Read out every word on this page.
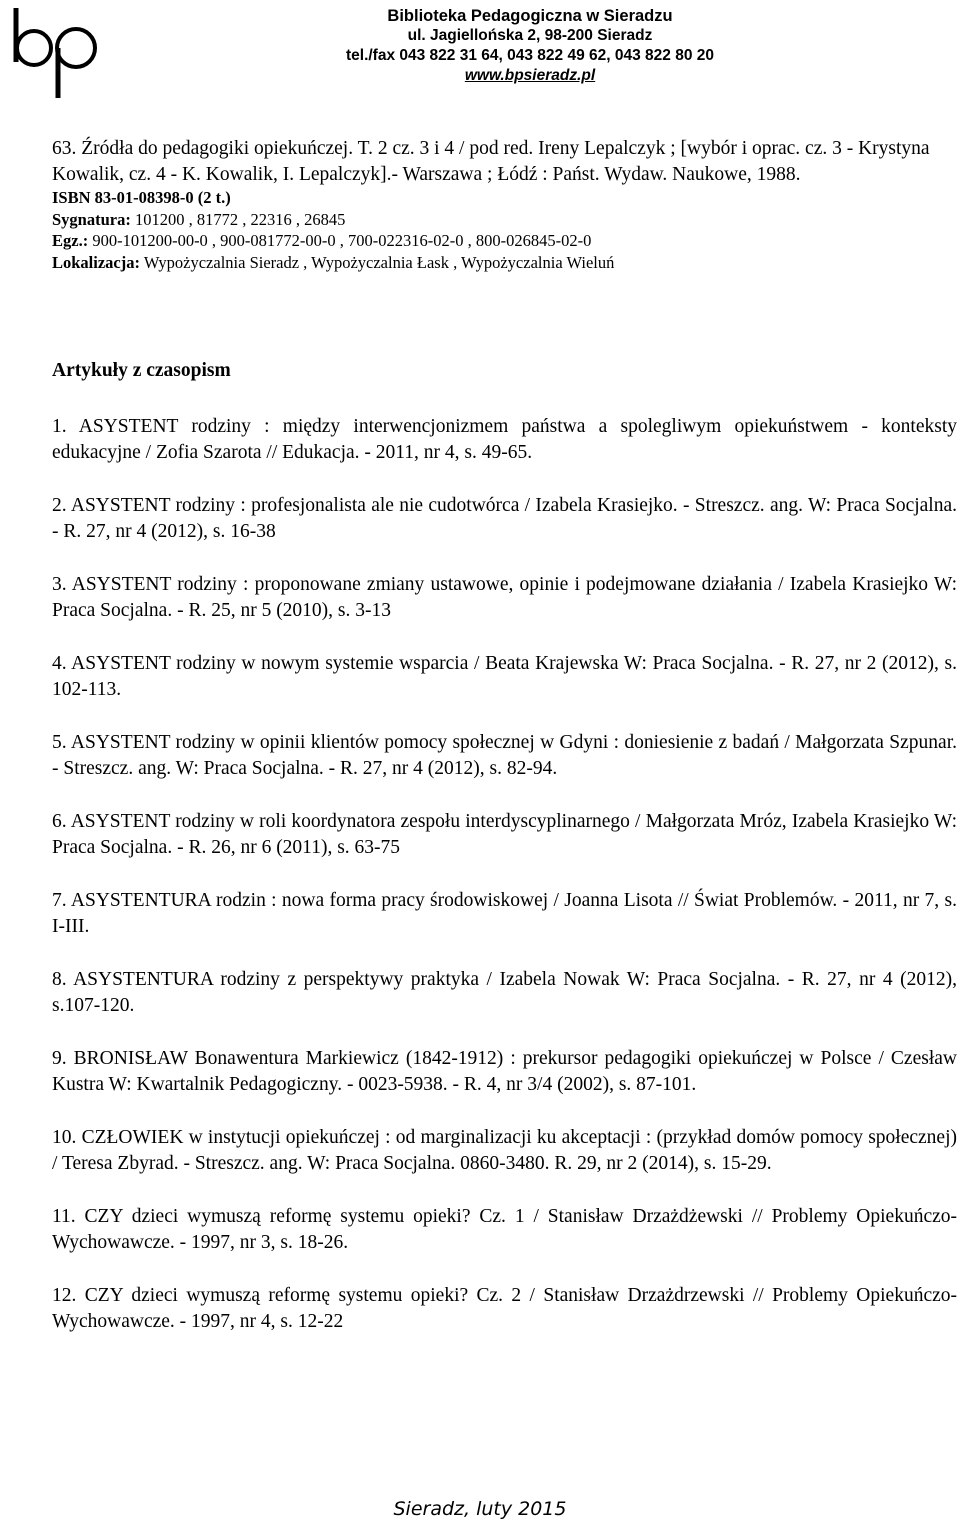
Biblioteka Pedagogiczna w Sieradzu
ul. Jagiellońska 2, 98-200 Sieradz
tel./fax 043 822 31 64, 043 822 49 62, 043 822 80 20
www.bpsieradz.pl
63. Źródła do pedagogiki opiekuńczej. T. 2 cz. 3 i 4 / pod red. Ireny Lepalczyk ; [wybór i oprac. cz. 3 - Krystyna Kowalik, cz. 4 - K. Kowalik, I. Lepalczyk].- Warszawa ; Łódź : Państ. Wydaw. Naukowe, 1988.
ISBN 83-01-08398-0 (2 t.)
Sygnatura: 101200 , 81772 , 22316 , 26845
Egz.: 900-101200-00-0 , 900-081772-00-0 , 700-022316-02-0 , 800-026845-02-0
Lokalizacja: Wypożyczalnia Sieradz , Wypożyczalnia Łask , Wypożyczalnia Wieluń
Artykuły z czasopism
1. ASYSTENT rodziny : między interwencjonizmem państwa a spolegliwym opiekuństwem - konteksty edukacyjne / Zofia Szarota // Edukacja. - 2011, nr 4, s. 49-65.
2. ASYSTENT rodziny : profesjonalista ale nie cudotwórca / Izabela Krasiejko. - Streszcz. ang. W: Praca Socjalna. - R. 27, nr 4 (2012), s. 16-38
3. ASYSTENT rodziny : proponowane zmiany ustawowe, opinie i podejmowane działania / Izabela Krasiejko W: Praca Socjalna. - R. 25, nr 5 (2010), s. 3-13
4. ASYSTENT rodziny w nowym systemie wsparcia / Beata Krajewska W: Praca Socjalna. - R. 27, nr 2 (2012), s. 102-113.
5. ASYSTENT rodziny w opinii klientów pomocy społecznej w Gdyni : doniesienie z badań / Małgorzata Szpunar. - Streszcz. ang. W: Praca Socjalna. - R. 27, nr 4 (2012), s. 82-94.
6. ASYSTENT rodziny w roli koordynatora zespołu interdyscyplinarnego / Małgorzata Mróz, Izabela Krasiejko W: Praca Socjalna. - R. 26, nr 6 (2011), s. 63-75
7. ASYSTENTURA rodzin : nowa forma pracy środowiskowej / Joanna Lisota // Świat Problemów. - 2011, nr 7, s. I-III.
8. ASYSTENTURA rodziny z perspektywy praktyka / Izabela Nowak W: Praca Socjalna. - R. 27, nr 4 (2012), s.107-120.
9. BRONISŁAW Bonawentura Markiewicz (1842-1912) : prekursor pedagogiki opiekuńczej w Polsce / Czesław Kustra W: Kwartalnik Pedagogiczny. - 0023-5938. - R. 4, nr 3/4 (2002), s. 87-101.
10. CZŁOWIEK w instytucji opiekuńczej : od marginalizacji ku akceptacji : (przykład domów pomocy społecznej) / Teresa Zbyrad. - Streszcz. ang. W: Praca Socjalna. 0860-3480. R. 29, nr 2 (2014), s. 15-29.
11. CZY dzieci wymuszą reformę systemu opieki? Cz. 1 / Stanisław Drzażdżewski // Problemy Opiekuńczo-Wychowawcze. - 1997, nr 3, s. 18-26.
12. CZY dzieci wymuszą reformę systemu opieki? Cz. 2 / Stanisław Drzażdrzewski // Problemy Opiekuńczo-Wychowawcze. - 1997, nr 4, s. 12-22
Sieradz, luty 2015
